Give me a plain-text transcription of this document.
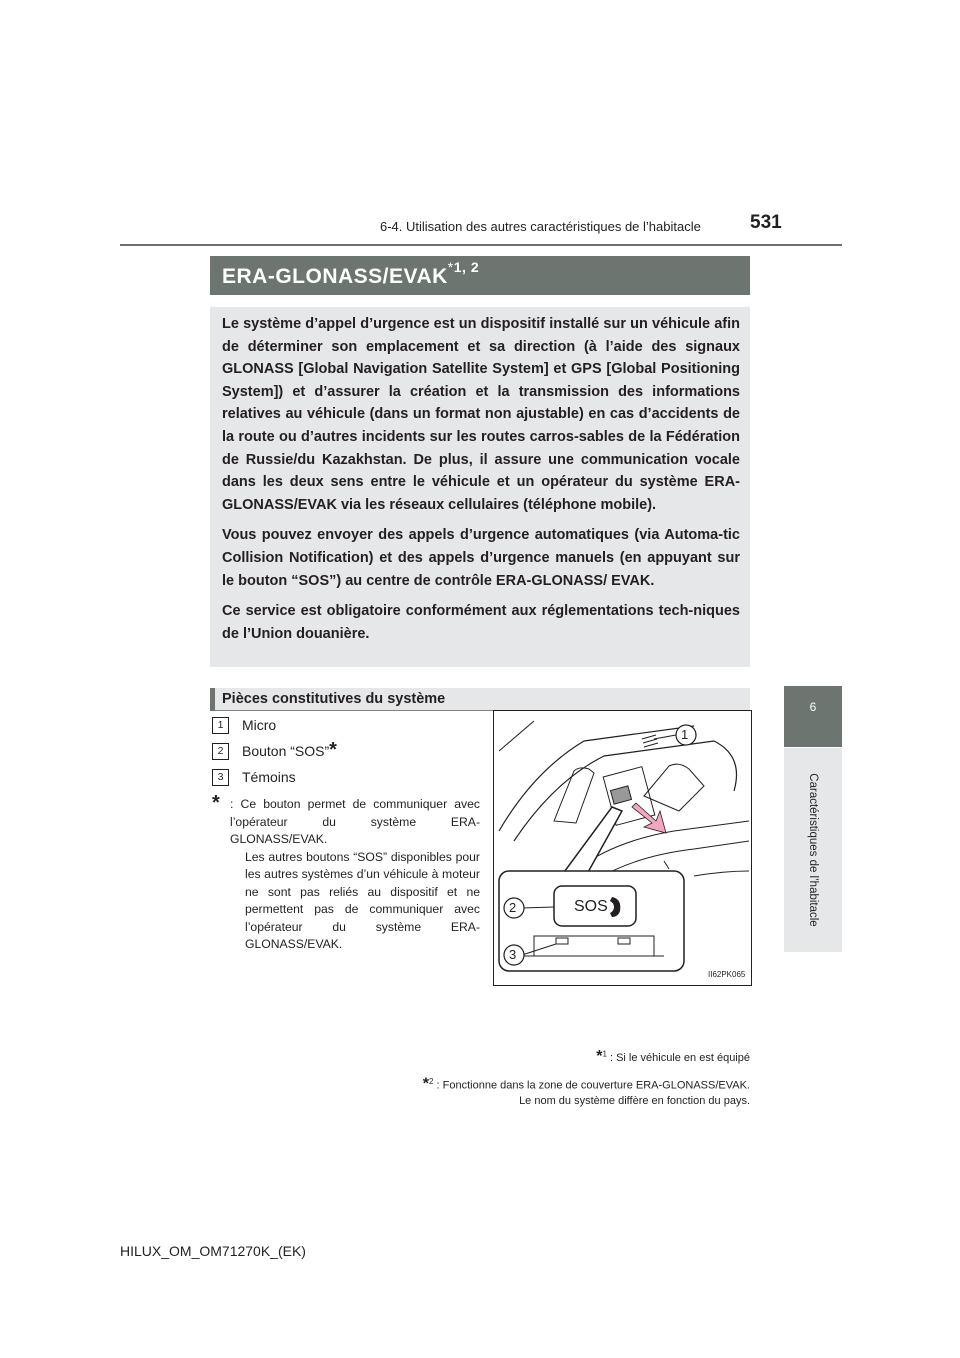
6-4. Utilisation des autres caractéristiques de l’habitacle	531
6
Caractéristiques de l’habitacle
ERA-GLONASS/EVAK$^{*1, 2}$

Le système d’appel d’urgence est un dispositif installé sur un véhicule afin de déterminer son emplacement et sa direction (à l’aide des signaux GLONASS [Global Navigation Satellite System] et GPS [Global Positioning System]) et d’assurer la création et la transmission des informations relatives au véhicule (dans un format non ajustable) en cas d’accidents de la route ou d’autres incidents sur les routes carros-sables de la Fédération de Russie/du Kazakhstan. De plus, il assure une communication vocale dans les deux sens entre le véhicule et un opérateur du système ERA-GLONASS/EVAK via les réseaux cellulaires (téléphone mobile).

Vous pouvez envoyer des appels d’urgence automatiques (via Automa-tic Collision Notification) et des appels d’urgence manuels (en appuyant sur le bouton “SOS”) au centre de contrôle ERA-GLONASS/ EVAK.

Ce service est obligatoire conformément aux réglementations tech-niques de l’Union douanière.

Pièces constitutives du système
1	Micro
2	Bouton “SOS”*
3	Témoins
* : Ce bouton permet de communiquer avec l’opérateur du système ERA-GLONASS/EVAK.

Les autres boutons “SOS” disponibles pour les autres systèmes d’un véhicule à moteur ne sont pas reliés au dispositif et ne permettent pas de communiquer avec l’opérateur du système ERA-GLONASS/EVAK.

1
2
3
SOS
II62PK065
*$^1$ : Si le véhicule en est équipé
*$^2$ : Fonctionne dans la zone de couverture ERA-GLONASS/EVAK.
Le nom du système diffère en fonction du pays.
HILUX_OM_OM71270K_(EK)
